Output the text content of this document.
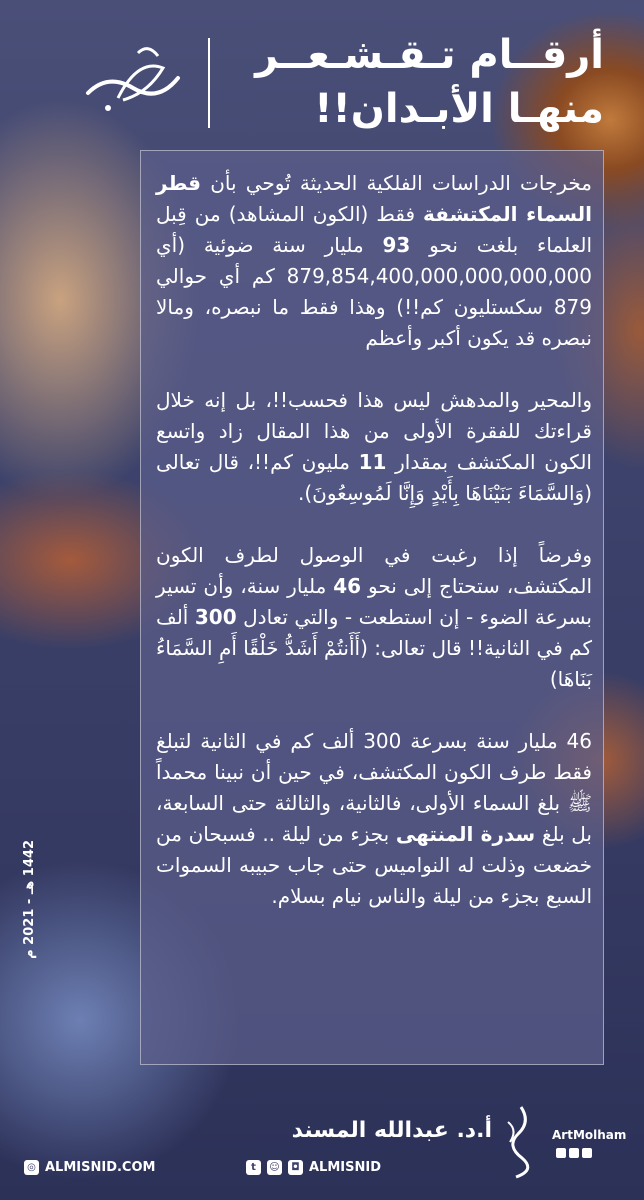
أرقــام تـقـشـعــر
منهـا الأبـدان!!

مخرجات الدراسات الفلكية الحديثة تُوحي بأن قطر السماء المكتشفة فقط (الكون المشاهد) من قِبل العلماء بلغت نحو 93 مليار سنة ضوئية (أي 879,854,400,000,000,000,000 كم أي حوالي 879 سكستليون كم!!) وهذا فقط ما نبصره، ومالا نبصره قد يكون أكبر وأعظم

والمحير والمدهش ليس هذا فحسب!!، بل إنه خلال قراءتك للفقرة الأولى من هذا المقال زاد واتسع الكون المكتشف بمقدار 11 مليون كم!!، قال تعالى (وَالسَّمَاءَ بَنَيْنَاهَا بِأَيْدٍ وَإِنَّا لَمُوسِعُونَ).

وفرضاً إذا رغبت في الوصول لطرف الكون المكتشف، ستحتاج إلى نحو 46 مليار سنة، وأن تسير بسرعة الضوء - إن استطعت - والتي تعادل 300 ألف كم في الثانية!! قال تعالى: (أَأَنتُمْ أَشَدُّ خَلْقًا أَمِ السَّمَاءُ بَنَاهَا)

46 مليار سنة بسرعة 300 ألف كم في الثانية لتبلغ فقط طرف الكون المكتشف، في حين أن نبينا محمداً ﷺ بلغ السماء الأولى، فالثانية، والثالثة حتى السابعة، بل بلغ سدرة المنتهى بجزء من ليلة .. فسبحان من خضعت وذلت له النواميس حتى جاب حبيبه السموات السبع بجزء من ليلة والناس نيام بسلام.

1442 هـ - 2021 م
أ.د. عبدالله المسند
◎ ALMISNID.COM	t	☺	◘ ALMISNID
ArtMolham
